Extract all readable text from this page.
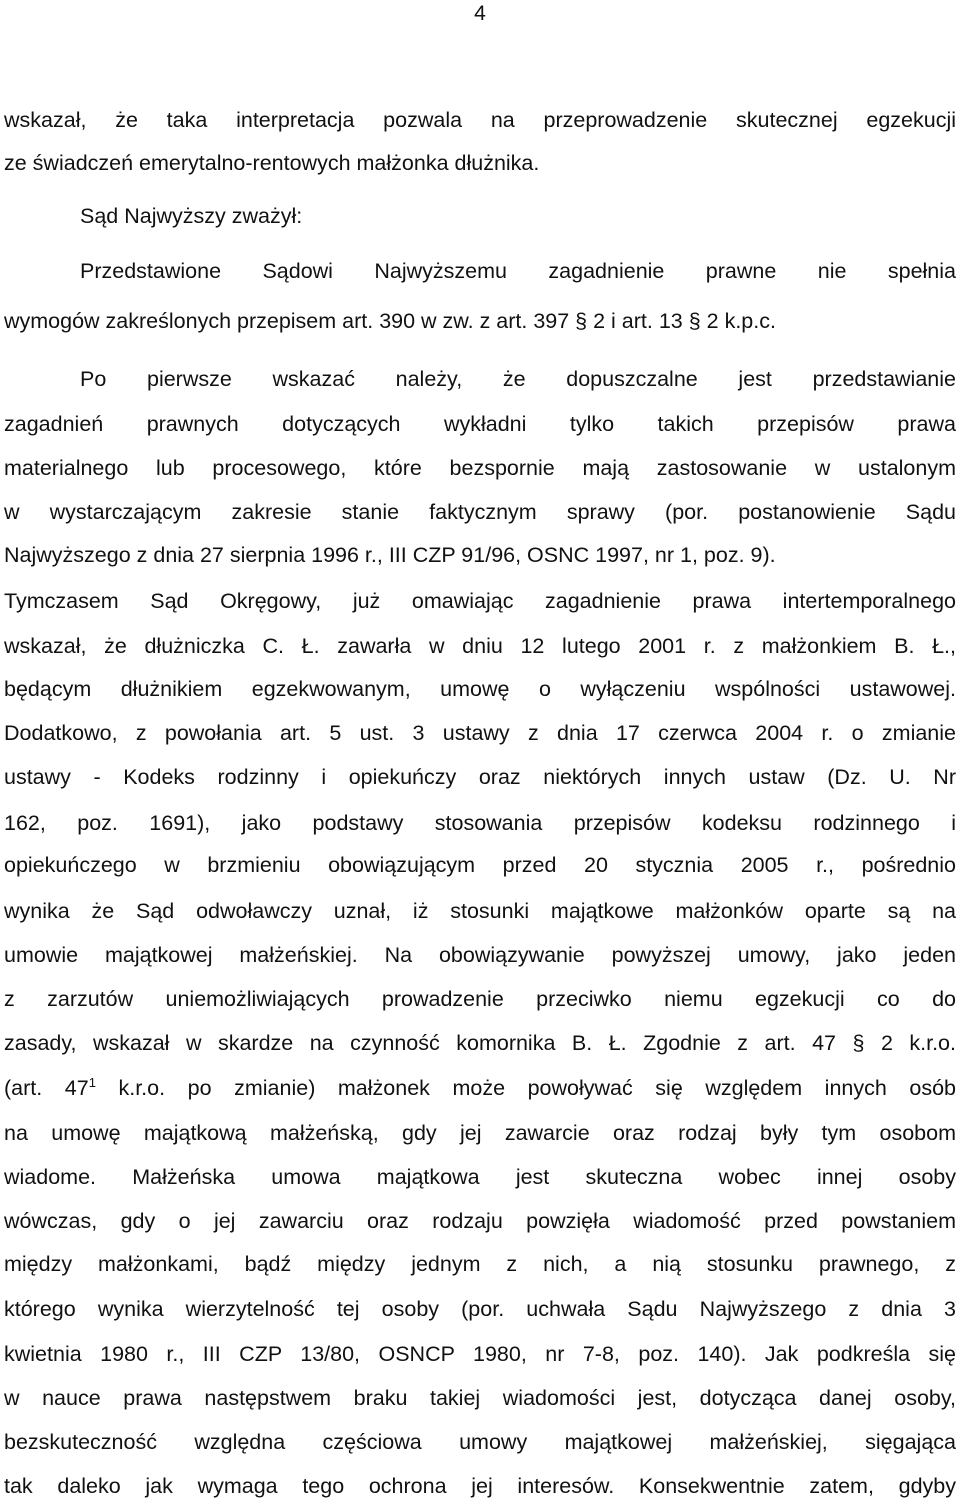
4
wskazał, że taka interpretacja pozwala na przeprowadzenie skutecznej egzekucji
ze świadczeń emerytalno-rentowych małżonka dłużnika.
Sąd Najwyższy zważył:
Przedstawione Sądowi Najwyższemu zagadnienie prawne nie spełnia
wymogów zakreślonych przepisem art. 390 w zw. z art. 397 § 2 i art. 13 § 2 k.p.c.
Po pierwsze wskazać należy, że dopuszczalne jest przedstawianie
zagadnień prawnych dotyczących wykładni tylko takich przepisów prawa
materialnego lub procesowego, które bezspornie mają zastosowanie w ustalonym
w wystarczającym zakresie stanie faktycznym sprawy (por. postanowienie Sądu
Najwyższego z dnia 27 sierpnia 1996 r., III CZP 91/96, OSNC 1997, nr 1, poz. 9).
Tymczasem Sąd Okręgowy, już omawiając zagadnienie prawa intertemporalnego
wskazał, że dłużniczka C. Ł. zawarła w dniu 12 lutego 2001 r. z małżonkiem B. Ł.,
będącym dłużnikiem egzekwowanym, umowę o wyłączeniu wspólności ustawowej.
Dodatkowo, z powołania art. 5 ust. 3 ustawy z dnia 17 czerwca 2004 r. o zmianie
ustawy - Kodeks rodzinny i opiekuńczy oraz niektórych innych ustaw (Dz. U. Nr
162, poz. 1691), jako podstawy stosowania przepisów kodeksu rodzinnego i
opiekuńczego w brzmieniu obowiązującym przed 20 stycznia 2005 r., pośrednio
wynika że Sąd odwoławczy uznał, iż stosunki majątkowe małżonków oparte są na
umowie majątkowej małżeńskiej. Na obowiązywanie powyższej umowy, jako jeden
z zarzutów uniemożliwiających prowadzenie przeciwko niemu egzekucji co do
zasady, wskazał w skardze na czynność komornika B. Ł. Zgodnie z art. 47 § 2 k.r.o.
(art. $47^1$ k.r.o. po zmianie) małżonek może powoływać się względem innych osób
na umowę majątkową małżeńską, gdy jej zawarcie oraz rodzaj były tym osobom
wiadome. Małżeńska umowa majątkowa jest skuteczna wobec innej osoby
wówczas, gdy o jej zawarciu oraz rodzaju powzięła wiadomość przed powstaniem
między małżonkami, bądź między jednym z nich, a nią stosunku prawnego, z
którego wynika wierzytelność tej osoby (por. uchwała Sądu Najwyższego z dnia 3
kwietnia 1980 r., III CZP 13/80, OSNCP 1980, nr 7-8, poz. 140). Jak podkreśla się
w nauce prawa następstwem braku takiej wiadomości jest, dotycząca danej osoby,
bezskuteczność względna częściowa umowy majątkowej małżeńskiej, sięgająca
tak daleko jak wymaga tego ochrona jej interesów. Konsekwentnie zatem, gdyby
